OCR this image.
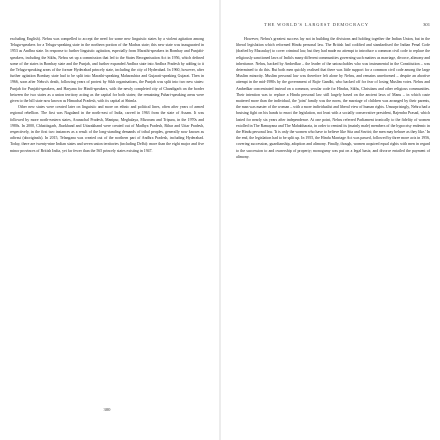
excluding English). Nehru was compelled to accept the need for some new linguistic states by a violent agitation among Telugu-speakers for a Telugu-speaking state in the northern portion of the Madras state; this new state was inaugurated in 1953 as Andhra state. In response to further linguistic agitation, especially from Marathi-speakers in Bombay and Punjabi-speakers, including the Sikhs, Nehru set up a commission that led to the States Reorganisation Act in 1956, which defined some of the states in Bombay state and the Punjab, and further expanded Andhra state into Andhra Pradesh by adding to it the Telugu-speaking areas of the former Hyderabad princely state, including the city of Hyderabad. In 1960, however, after further agitation Bombay state had to be split into Marathi-speaking Maharashtra and Gujarati-speaking Gujarat. Then in 1966, soon after Nehru's death, following years of protest by Sikh organisations, the Punjab was split into two new states: Punjab for Punjabi-speakers, and Haryana for Hindi-speakers, with the newly completed city of Chandigarh on the border between the two states as a union territory acting as the capital for both states; the remaining Pahari-speaking areas were given to the hill state now known as Himachal Pradesh, with its capital at Shimla.

Other new states were created later on linguistic and more on ethnic and political lines, often after years of armed regional rebellion. The first was Nagaland in the north-east of India, carved in 1963 from the state of Assam. It was followed by more north-eastern states, Arunachal Pradesh, Manipur, Meghalaya, Mizoram and Tripura, in the 1970s and 1980s. In 2000, Chhattisgarh, Jharkhand and Uttarakhand were created out of Madhya Pradesh, Bihar and Uttar Pradesh, respectively, in the first two instances as a result of the long-standing demands of tribal peoples, generally now known as adivasi (aboriginals). In 2015, Telangana was created out of the northern part of Andhra Pradesh, including Hyderabad. Today, there are twenty-nine Indian states and seven union territories (including Delhi): more than the eight major and five minor provinces of British India, yet far fewer than the 565 princely states existing in 1947.

300
THE WORLD'S LARGEST DEMOCRACY	301

However, Nehru's greatest success lay not in building the divisions and holding together the Indian Union, but in the liberal legislation which reformed Hindu personal law. The British had codified and standardised the Indian Penal Code (drafted by Macaulay) to cover criminal law, but they had made no attempt to introduce a common civil code to replace the religiously sanctioned laws of India's many different communities governing such matters as marriage, divorce, alimony and inheritance. Nehru, backed by Ambedkar – the leader of the untouchables who was instrumental in the Constitution – was determined to do this. But both men quickly realised that there was little support for a common civil code among the large Muslim minority. Muslim personal law was therefore left alone by Nehru, and remains unreformed – despite an abortive attempt in the mid-1980s by the government of Rajiv Gandhi, who backed off for fear of losing Muslim votes. Nehru and Ambedkar concentrated instead on a common, secular code for Hindus, Sikhs, Christians and other religious communities. Their intention was to replace a Hindu personal law still largely based on the ancient laws of Manu – in which caste mattered more than the individual, the 'joint' family was the norm, the marriage of children was arranged by their parents, the man was master of the woman – with a more individualist and liberal view of human rights. Unsurprisingly, Nehru had a bruising fight on his hands to enact the legislation, not least with a socially conservative president, Rajendra Prasad, which lasted for nearly six years after independence. At one point, Nehru referred Parliament ironically to the fidelity of women extolled in The Ramayana and The Mahabharata, in order to remind its (mainly male) members of the hypocrisy endemic in the Hindu personal law. 'It is only the women who have to believe like Sita and Savitri; the men may behave as they like.' In the end, the legislation had to be split up. In 1955, the Hindu Marriage Act was passed, followed by three more acts in 1956, covering succession, guardianship, adoption and alimony. Finally, though, women acquired equal rights with men in regard to the succession to and ownership of property; monogamy was put on a legal basis; and divorce entailed the payment of alimony.
